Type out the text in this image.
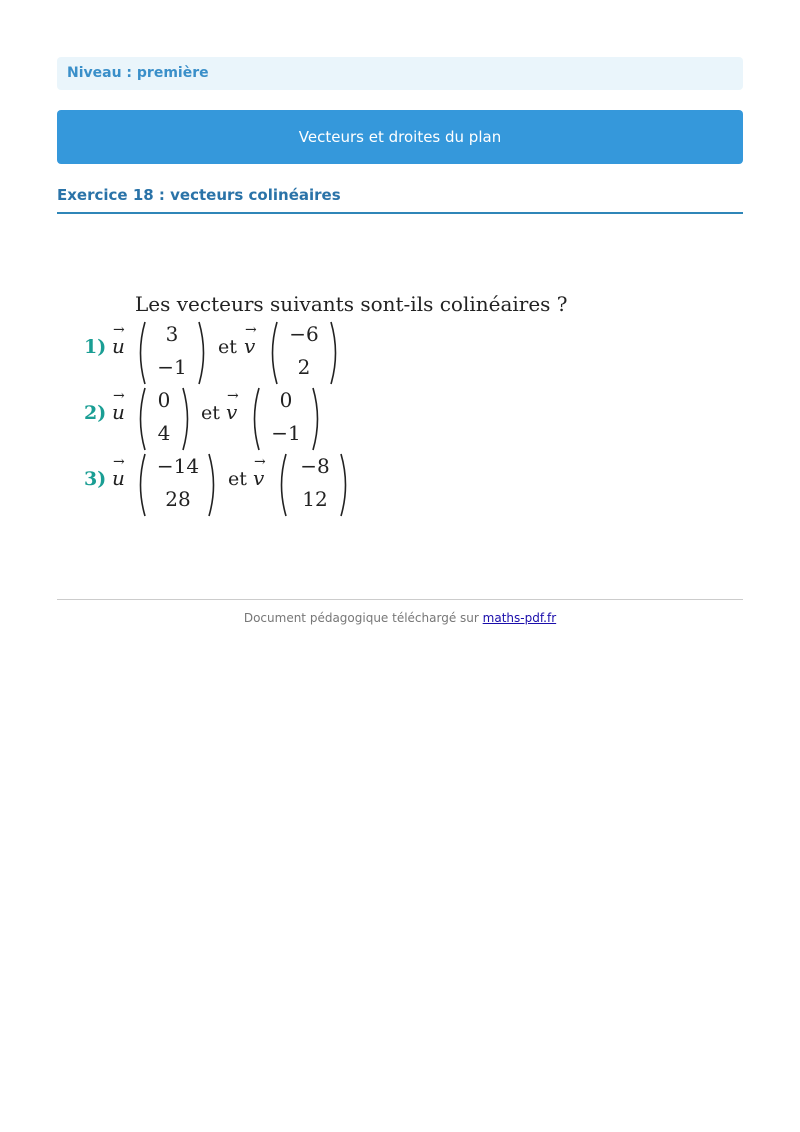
Niveau : première
Vecteurs et droites du plan
Exercice 18 : vecteurs colinéaires
Les vecteurs suivants sont-ils colinéaires ?
1)
→
u	3
−1
et
→
v −6
2
2)
→
u	0
4
et
→
v	0
−1
3)
→
u −14
28
et
→
v	−8
12
Document pédagogique téléchargé sur maths-pdf.fr
